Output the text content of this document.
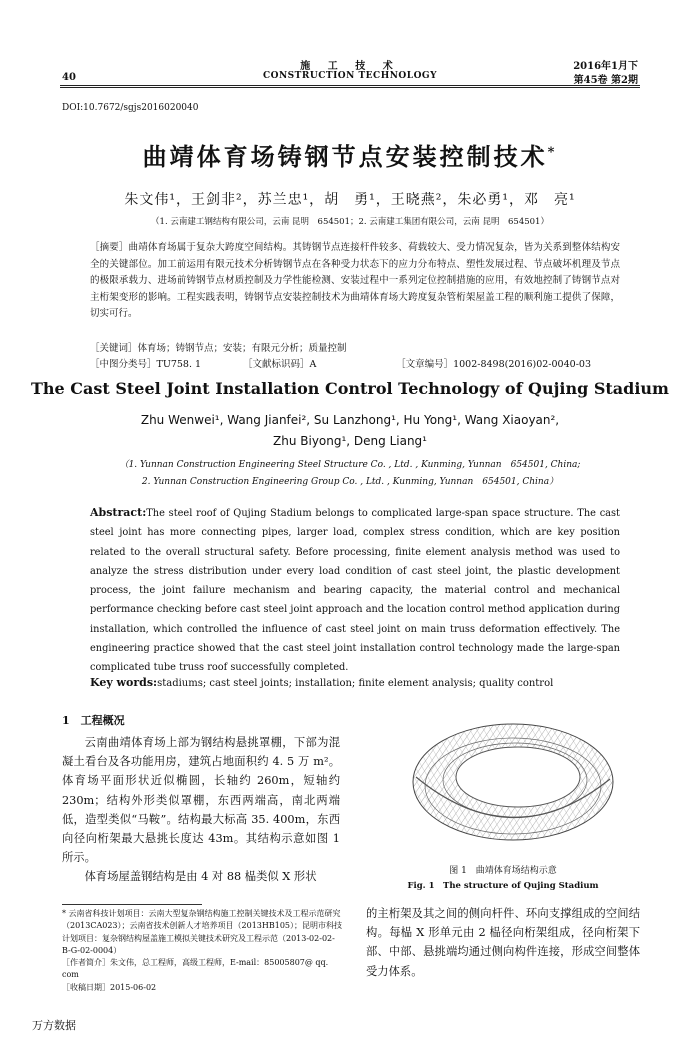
施 工 技 术
CONSTRUCTION TECHNOLOGY
40
2016年1月下
第45卷 第2期
DOI:10.7672/sgjs2016020040
曲靖体育场铸钢节点安装控制技术*
朱文伟¹，王剑非²，苏兰忠¹，胡　勇¹，王晓燕²，朱必勇¹，邓　亮¹
（1. 云南建工钢结构有限公司，云南 昆明　654501；2. 云南建工集团有限公司，云南 昆明　654501）
［摘要］曲靖体育场属于复杂大跨度空间结构。其铸钢节点连接杆件较多、荷载较大、受力情况复杂，皆为关系到整体结构安全的关键部位。加工前运用有限元技术分析铸钢节点在各种受力状态下的应力分布特点、塑性发展过程、节点破坏机理及节点的极限承载力、进场前铸钢节点材质控制及力学性能检测、安装过程中一系列定位控制措施的应用，有效地控制了铸钢节点对主桁架变形的影响。工程实践表明，铸钢节点安装控制技术为曲靖体育场大跨度复杂管桁架屋盖工程的顺利施工提供了保障，切实可行。
［关键词］体育场；铸钢节点；安装；有限元分析；质量控制
［中图分类号］TU758. 1	［文献标识码］A	［文章编号］1002-8498(2016)02-0040-03
The Cast Steel Joint Installation Control Technology of Qujing Stadium
Zhu Wenwei¹, Wang Jianfei², Su Lanzhong¹, Hu Yong¹, Wang Xiaoyan²,
Zhu Biyong¹, Deng Liang¹
（1. Yunnan Construction Engineering Steel Structure Co. , Ltd. , Kunming, Yunnan　654501, China;
2. Yunnan Construction Engineering Group Co. , Ltd. , Kunming, Yunnan　654501, China）
Abstract:The steel roof of Qujing Stadium belongs to complicated large-span space structure. The cast steel joint has more connecting pipes, larger load, complex stress condition, which are key position related to the overall structural safety. Before processing, finite element analysis method was used to analyze the stress distribution under every load condition of cast steel joint, the plastic development process, the joint failure mechanism and bearing capacity, the material control and mechanical performance checking before cast steel joint approach and the location control method application during installation, which controlled the influence of cast steel joint on main truss deformation effectively. The engineering practice showed that the cast steel joint installation control technology made the large-span complicated tube truss roof successfully completed.
Key words:stadiums; cast steel joints; installation; finite element analysis; quality control
1　工程概况

云南曲靖体育场上部为钢结构悬挑罩棚，下部为混凝土看台及各功能用房，建筑占地面积约 4. 5 万 m²。体育场平面形状近似椭圆，长轴约 260m，短轴约 230m；结构外形类似罩棚，东西两端高，南北两端低，造型类似“马鞍”。结构最大标高 35. 400m，东西向径向桁架最大悬挑长度达 43m。其结构示意如图 1 所示。

体育场屋盖钢结构是由 4 对 88 榀类似 X 形状	图 1　曲靖体育场结构示意
Fig. 1　The structure of Qujing Stadium
的主桁架及其之间的侧向杆件、环向支撑组成的空间结构。每榀 X 形单元由 2 榀径向桁架组成，径向桁架下部、中部、悬挑端均通过侧向构件连接，形成空间整体受力体系。
* 云南省科技计划项目：云南大型复杂钢结构施工控制关键技术及工程示范研究（2013CA023）；云南省技术创新人才培养项目（2013HB105）；昆明市科技计划项目：复杂钢结构屋盖施工模拟关键技术研究及工程示范（2013-02-02-B-G-02-0004）
［作者简介］朱文伟，总工程师，高级工程师，E-mail：85005807@ qq. com
［收稿日期］2015-06-02
万方数据
